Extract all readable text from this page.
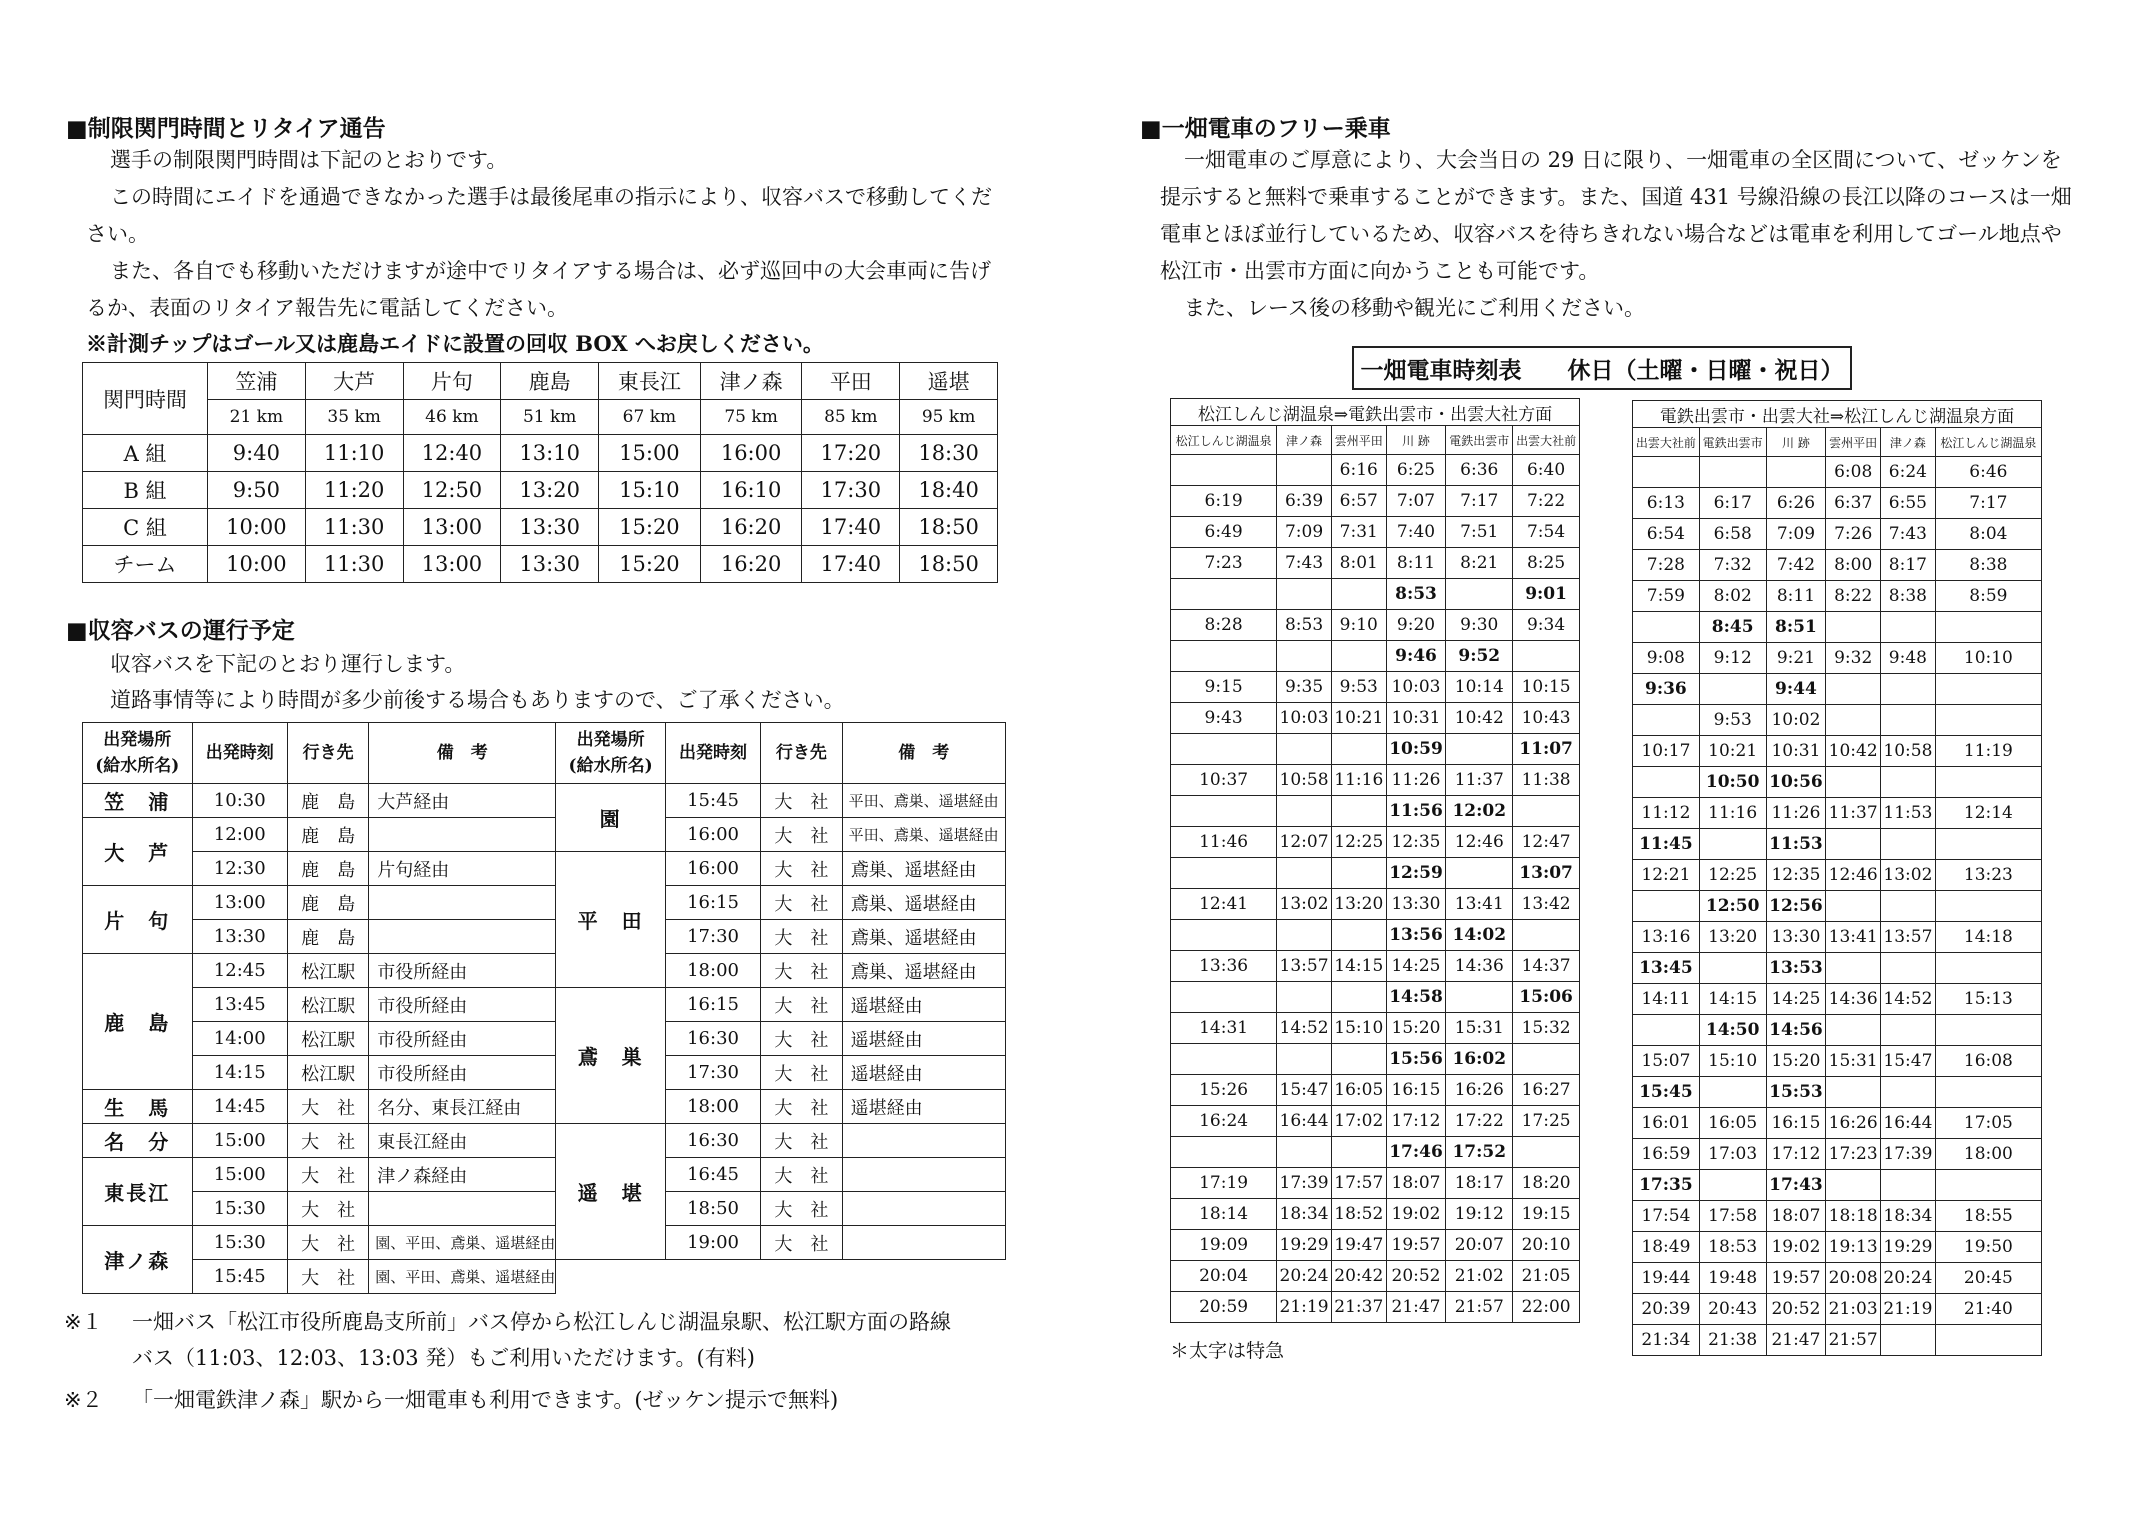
■制限関門時間とリタイア通告

選手の制限関門時間は下記のとおりです。

この時間にエイドを通過できなかった選手は最後尾車の指示により、収容バスで移動してください。

また、各自でも移動いただけますが途中でリタイアする場合は、必ず巡回中の大会車両に告げるか、表面のリタイア報告先に電話してください。

※計測チップはゴール又は鹿島エイドに設置の回収 BOX へお戻しください。
関門時間	笠浦	大芦	片句	鹿島	東長江	津ノ森	平田	遥堪
	21 km	35 km	46 km	51 km	67 km	75 km	85 km	95 km
A 組	9:40	11:10	12:40	13:10	15:00	16:00	17:20	18:30
B 組	9:50	11:20	12:50	13:20	15:10	16:10	17:30	18:40
C 組	10:00	11:30	13:00	13:30	15:20	16:20	17:40	18:50
チーム	10:00	11:30	13:00	13:30	15:20	16:20	17:40	18:50
■収容バスの運行予定

収容バスを下記のとおり運行します。

道路事情等により時間が多少前後する場合もありますので、ご了承ください。

出発場所
(給水所名)	出発時刻	行き先	備　考	出発場所
(給水所名)	出発時刻	行き先	備　考
笠　浦	10:30	鹿　島	大芦経由	園	15:45	大　社	平田、鳶巣、遥堪経由
大　芦	12:00	鹿　島			16:00	大　社	平田、鳶巣、遥堪経由
	12:30	鹿　島	片句経由	平　田	16:00	大　社	鳶巣、遥堪経由
片　句	13:00	鹿　島			16:15	大　社	鳶巣、遥堪経由
	13:30	鹿　島			17:30	大　社	鳶巣、遥堪経由
鹿　島	12:45	松江駅	市役所経由		18:00	大　社	鳶巣、遥堪経由
	13:45	松江駅	市役所経由	鳶　巣	16:15	大　社	遥堪経由
	14:00	松江駅	市役所経由		16:30	大　社	遥堪経由
	14:15	松江駅	市役所経由		17:30	大　社	遥堪経由
生　馬	14:45	大　社	名分、東長江経由		18:00	大　社	遥堪経由
名　分	15:00	大　社	東長江経由	遥　堪	16:30	大　社	
東長江	15:00	大　社	津ノ森経由		16:45	大　社	
	15:30	大　社			18:50	大　社	
津ノ森	15:30	大　社	園、平田、鳶巣、遥堪経由		19:00	大　社	
	15:45	大　社	園、平田、鳶巣、遥堪経由				
※１	一畑バス「松江市役所鹿島支所前」バス停から松江しんじ湖温泉駅、松江駅方面の路線
バス（11:03、12:03、13:03 発）もご利用いただけます。(有料)
※２	「一畑電鉄津ノ森」駅から一畑電車も利用できます。(ゼッケン提示で無料)
■一畑電車のフリー乗車

一畑電車のご厚意により、大会当日の 29 日に限り、一畑電車の全区間について、ゼッケンを提示すると無料で乗車することができます。また、国道 431 号線沿線の長江以降のコースは一畑電車とほぼ並行しているため、収容バスを待ちきれない場合などは電車を利用してゴール地点や松江市・出雲市方面に向かうことも可能です。

また、レース後の移動や観光にご利用ください。

一畑電車時刻表 休日（土曜・日曜・祝日）
松江しんじ湖温泉⇒電鉄出雲市・出雲大社方面					
松江しんじ湖温泉	津ノ森	雲州平田	川 跡	電鉄出雲市	出雲大社前
		6:16	6:25	6:36	6:40
6:19	6:39	6:57	7:07	7:17	7:22
6:49	7:09	7:31	7:40	7:51	7:54
7:23	7:43	8:01	8:11	8:21	8:25
			8:53		9:01
8:28	8:53	9:10	9:20	9:30	9:34
			9:46	9:52	
9:15	9:35	9:53	10:03	10:14	10:15
9:43	10:03	10:21	10:31	10:42	10:43
			10:59		11:07
10:37	10:58	11:16	11:26	11:37	11:38
			11:56	12:02	
11:46	12:07	12:25	12:35	12:46	12:47
			12:59		13:07
12:41	13:02	13:20	13:30	13:41	13:42
			13:56	14:02	
13:36	13:57	14:15	14:25	14:36	14:37
			14:58		15:06
14:31	14:52	15:10	15:20	15:31	15:32
			15:56	16:02	
15:26	15:47	16:05	16:15	16:26	16:27
16:24	16:44	17:02	17:12	17:22	17:25
			17:46	17:52	
17:19	17:39	17:57	18:07	18:17	18:20
18:14	18:34	18:52	19:02	19:12	19:15
19:09	19:29	19:47	19:57	20:07	20:10
20:04	20:24	20:42	20:52	21:02	21:05
20:59	21:19	21:37	21:47	21:57	22:00
電鉄出雲市・出雲大社⇒松江しんじ湖温泉方面					
出雲大社前	電鉄出雲市	川 跡	雲州平田	津ノ森	松江しんじ湖温泉
			6:08	6:24	6:46
6:13	6:17	6:26	6:37	6:55	7:17
6:54	6:58	7:09	7:26	7:43	8:04
7:28	7:32	7:42	8:00	8:17	8:38
7:59	8:02	8:11	8:22	8:38	8:59
	8:45	8:51			
9:08	9:12	9:21	9:32	9:48	10:10
9:36		9:44			
	9:53	10:02			
10:17	10:21	10:31	10:42	10:58	11:19
	10:50	10:56			
11:12	11:16	11:26	11:37	11:53	12:14
11:45		11:53			
12:21	12:25	12:35	12:46	13:02	13:23
	12:50	12:56			
13:16	13:20	13:30	13:41	13:57	14:18
13:45		13:53			
14:11	14:15	14:25	14:36	14:52	15:13
	14:50	14:56			
15:07	15:10	15:20	15:31	15:47	16:08
15:45		15:53			
16:01	16:05	16:15	16:26	16:44	17:05
16:59	17:03	17:12	17:23	17:39	18:00
17:35		17:43			
17:54	17:58	18:07	18:18	18:34	18:55
18:49	18:53	19:02	19:13	19:29	19:50
19:44	19:48	19:57	20:08	20:24	20:45
20:39	20:43	20:52	21:03	21:19	21:40
21:34	21:38	21:47	21:57		
＊太字は特急
